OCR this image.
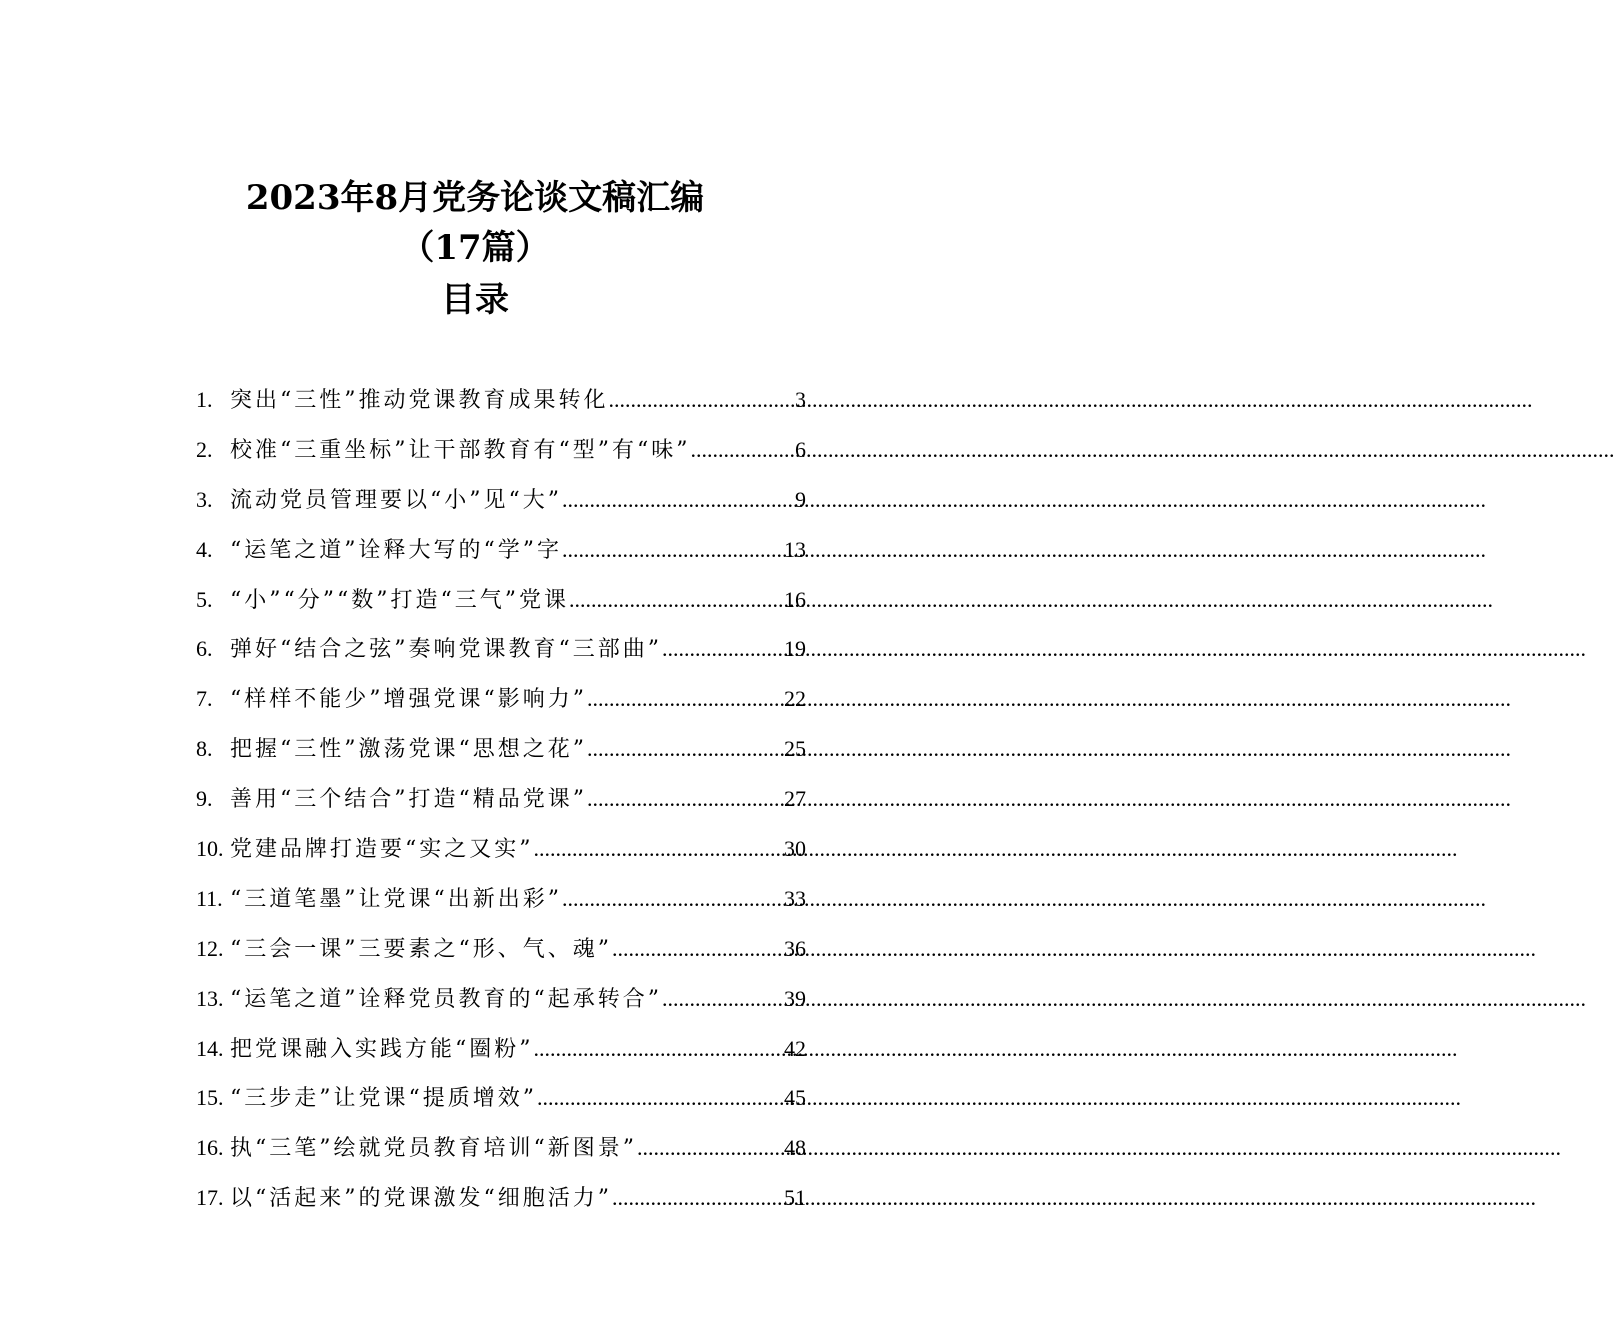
2023年8月党务论谈文稿汇编
（17篇）
目录
1. 突出“三性”推动党课教育成果转化 .....	3
2. 校准“三重坐标”让干部教育有“型”有“味” .....	6
3. 流动党员管理要以“小”见“大” .....	9
4. “运笔之道”诠释大写的“学”字 .....	13
5. “小”“分”“数”打造“三气”党课 .....	16
6. 弹好“结合之弦”奏响党课教育“三部曲” .....	19
7. “样样不能少”增强党课“影响力” .....	22
8. 把握“三性”激荡党课“思想之花” .....	25
9. 善用“三个结合”打造“精品党课” .....	27
10. 党建品牌打造要“实之又实” .....	30
11. “三道笔墨”让党课“出新出彩” .....	33
12. “三会一课”三要素之“形、气、魂” .....	36
13. “运笔之道”诠释党员教育的“起承转合” .....	39
14. 把党课融入实践方能“圈粉” .....	42
15. “三步走”让党课“提质增效” .....	45
16. 执“三笔”绘就党员教育培训“新图景” .....	48
17. 以“活起来”的党课激发“细胞活力” .....	51
